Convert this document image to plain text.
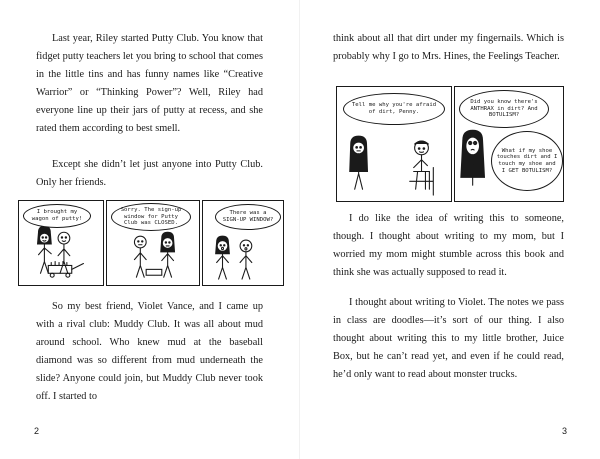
Last year, Riley started Putty Club. You know that fidget putty teachers let you bring to school that comes in the little tins and has funny names like “Creative Warrior” or “Thinking Power”? Well, Riley had everyone line up their jars of putty at recess, and she rated them according to best smell.

Except she didn’t let just anyone into Putty Club. Only her friends.

I brought my wagon of putty!
Sorry. The sign-up window for Putty Club was CLOSED.
There was a SIGN-UP WINDOW?

So my best friend, Violet Vance, and I came up with a rival club: Muddy Club. It was all about mud around school. Who knew mud at the baseball diamond was so different from mud underneath the slide? Anyone could join, but Muddy Club never took off. I started to

2

think about all that dirt under my fingernails. Which is probably why I go to Mrs. Hines, the Feelings Teacher.

Tell me why you're afraid of dirt, Penny.
Did you know there's ANTHRAX in dirt? And BOTULISM?
What if my shoe touches dirt and I touch my shoe and I GET BOTULISM?

I do like the idea of writing this to someone, though. I thought about writing to my mom, but I worried my mom might stumble across this book and think she was actually supposed to read it.

I thought about writing to Violet. The notes we pass in class are doodles—it’s sort of our thing. I also thought about writing this to my little brother, Juice Box, but he can’t read yet, and even if he could read, he’d only want to read about monster trucks.

3
